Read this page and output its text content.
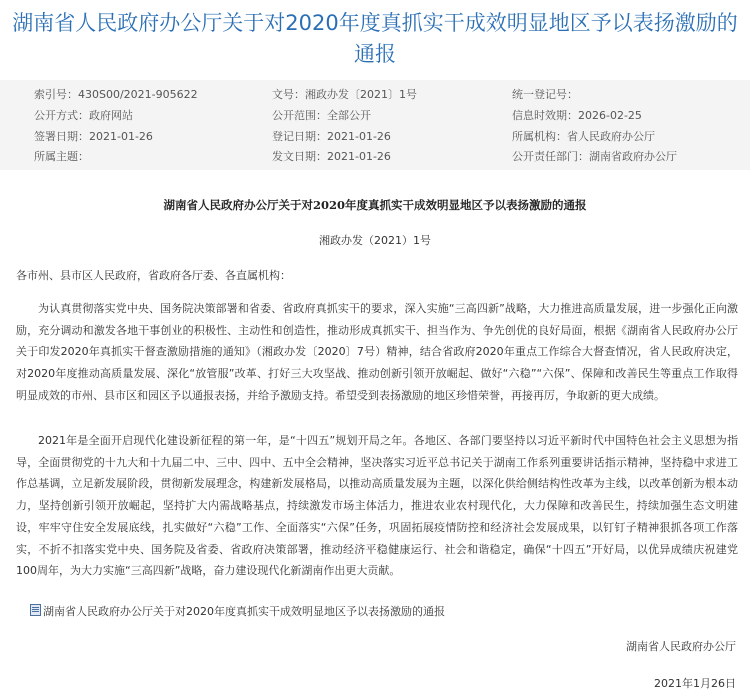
湖南省人民政府办公厅关于对2020年度真抓实干成效明显地区予以表扬激励的通报
索引号：430S00/2021-905622	文号：湘政办发〔2021〕1号	统一登记号：
公开方式：政府网站	公开范围：全部公开	信息时效期：2026-02-25
签署日期：2021-01-26	登记日期：2021-01-26	所属机构：省人民政府办公厅
所属主题：	发文日期：2021-01-26	公开责任部门：湖南省政府办公厅
湖南省人民政府办公厅关于对2020年度真抓实干成效明显地区予以表扬激励的通报
湘政办发（2021）1号
各市州、县市区人民政府，省政府各厅委、各直属机构：

为认真贯彻落实党中央、国务院决策部署和省委、省政府真抓实干的要求，深入实施“三高四新”战略，大力推进高质量发展，进一步强化正向激励，充分调动和激发各地干事创业的积极性、主动性和创造性，推动形成真抓实干、担当作为、争先创优的良好局面，根据《湖南省人民政府办公厅关于印发2020年真抓实干督查激励措施的通知》（湘政办发〔2020〕7号）精神，结合省政府2020年重点工作综合大督查情况，省人民政府决定，对2020年度推动高质量发展、深化“放管服”改革、打好三大攻坚战、推动创新引领开放崛起、做好“六稳”“六保”、保障和改善民生等重点工作取得明显成效的市州、县市区和园区予以通报表扬，并给予激励支持。希望受到表扬激励的地区珍惜荣誉，再接再厉，争取新的更大成绩。

2021年是全面开启现代化建设新征程的第一年，是“十四五”规划开局之年。各地区、各部门要坚持以习近平新时代中国特色社会主义思想为指导，全面贯彻党的十九大和十九届二中、三中、四中、五中全会精神，坚决落实习近平总书记关于湖南工作系列重要讲话指示精神，坚持稳中求进工作总基调，立足新发展阶段，贯彻新发展理念，构建新发展格局，以推动高质量发展为主题，以深化供给侧结构性改革为主线，以改革创新为根本动力，坚持创新引领开放崛起，坚持扩大内需战略基点，持续激发市场主体活力，推进农业农村现代化，大力保障和改善民生，持续加强生态文明建设，牢牢守住安全发展底线，扎实做好“六稳”工作、全面落实“六保”任务，巩固拓展疫情防控和经济社会发展成果，以钉钉子精神狠抓各项工作落实，不折不扣落实党中央、国务院及省委、省政府决策部署，推动经济平稳健康运行、社会和谐稳定，确保“十四五”开好局，以优异成绩庆祝建党100周年，为大力实施“三高四新”战略，奋力建设现代化新湖南作出更大贡献。

湖南省人民政府办公厅关于对2020年度真抓实干成效明显地区予以表扬激励的通报
湖南省人民政府办公厅
2021年1月26日
